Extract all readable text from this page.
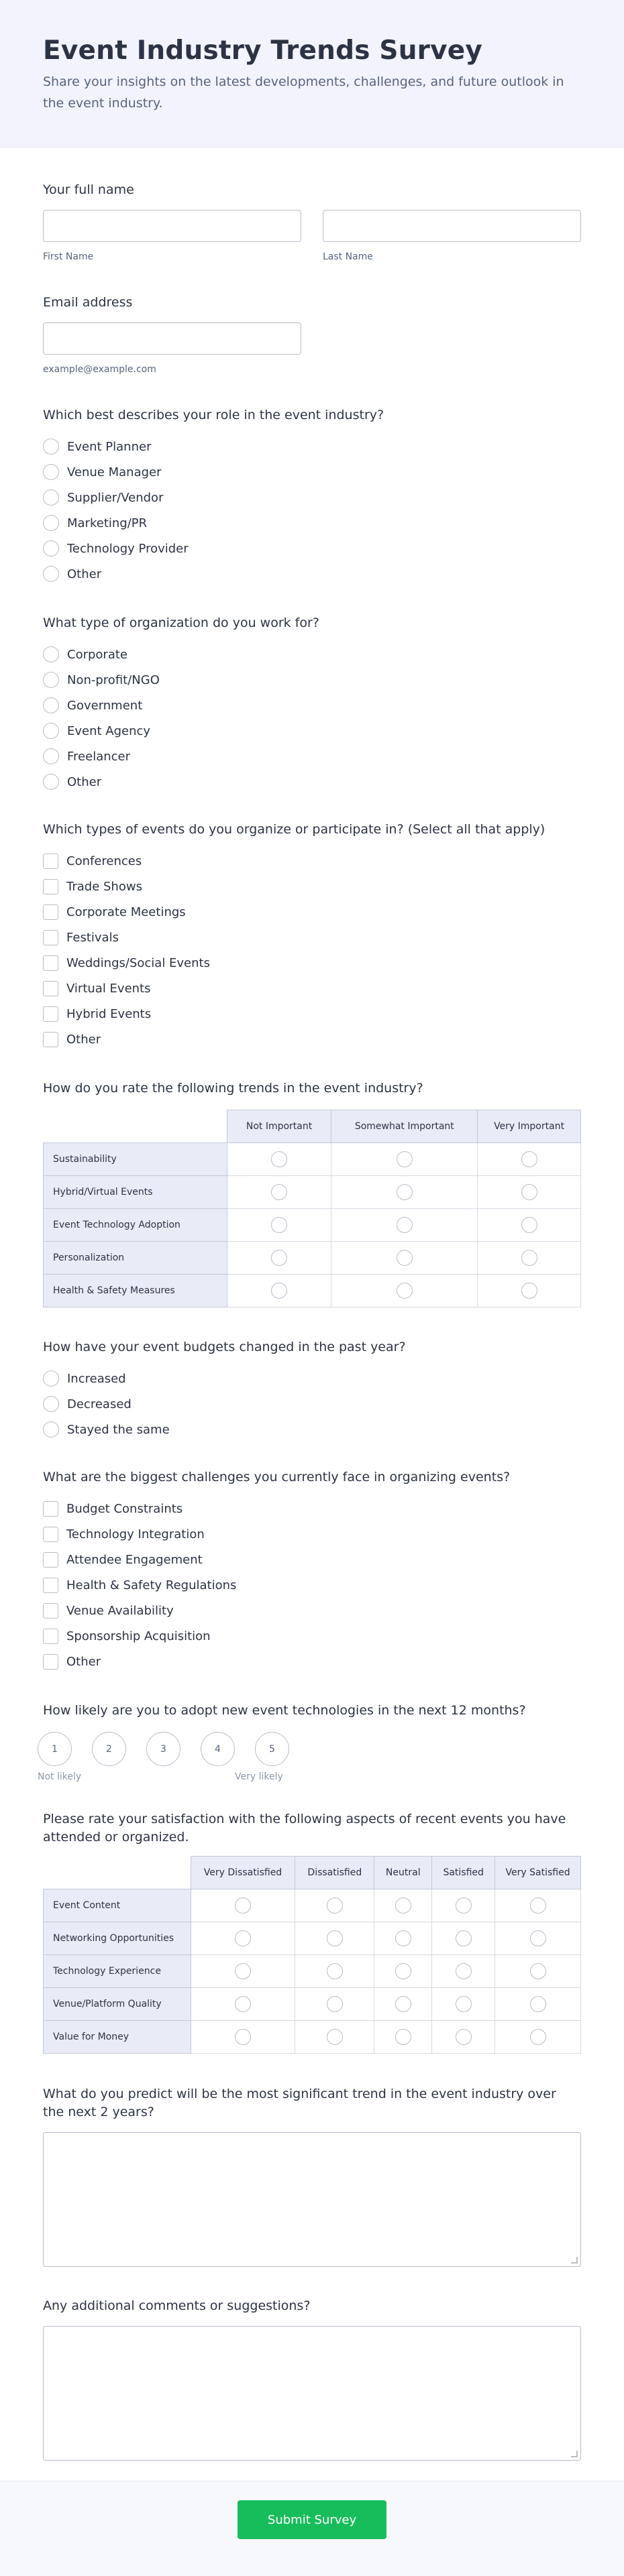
Event Industry Trends Survey

Share your insights on the latest developments, challenges, and future outlook in the event industry.

Your full name
First Name	Last Name
Email address
example@example.com
Which best describes your role in the event industry?
Event Planner
Venue Manager
Supplier/Vendor
Marketing/PR
Technology Provider
Other
What type of organization do you work for?
Corporate
Non-profit/NGO
Government
Event Agency
Freelancer
Other
Which types of events do you organize or participate in? (Select all that apply)
Conferences
Trade Shows
Corporate Meetings
Festivals
Weddings/Social Events
Virtual Events
Hybrid Events
Other
How do you rate the following trends in the event industry?
	Not Important	Somewhat Important	Very Important
Sustainability			
Hybrid/Virtual Events			
Event Technology Adoption			
Personalization			
Health & Safety Measures			
How have your event budgets changed in the past year?
Increased
Decreased
Stayed the same
What are the biggest challenges you currently face in organizing events?
Budget Constraints
Technology Integration
Attendee Engagement
Health & Safety Regulations
Venue Availability
Sponsorship Acquisition
Other
How likely are you to adopt new event technologies in the next 12 months?
1	2	3	4	5
Not likely	Very likely
Please rate your satisfaction with the following aspects of recent events you have attended or organized.
	Very Dissatisfied	Dissatisfied	Neutral	Satisfied	Very Satisfied
Event Content					
Networking Opportunities					
Technology Experience					
Venue/Platform Quality					
Value for Money					
What do you predict will be the most significant trend in the event industry over the next 2 years?
Any additional comments or suggestions?
Submit Survey
